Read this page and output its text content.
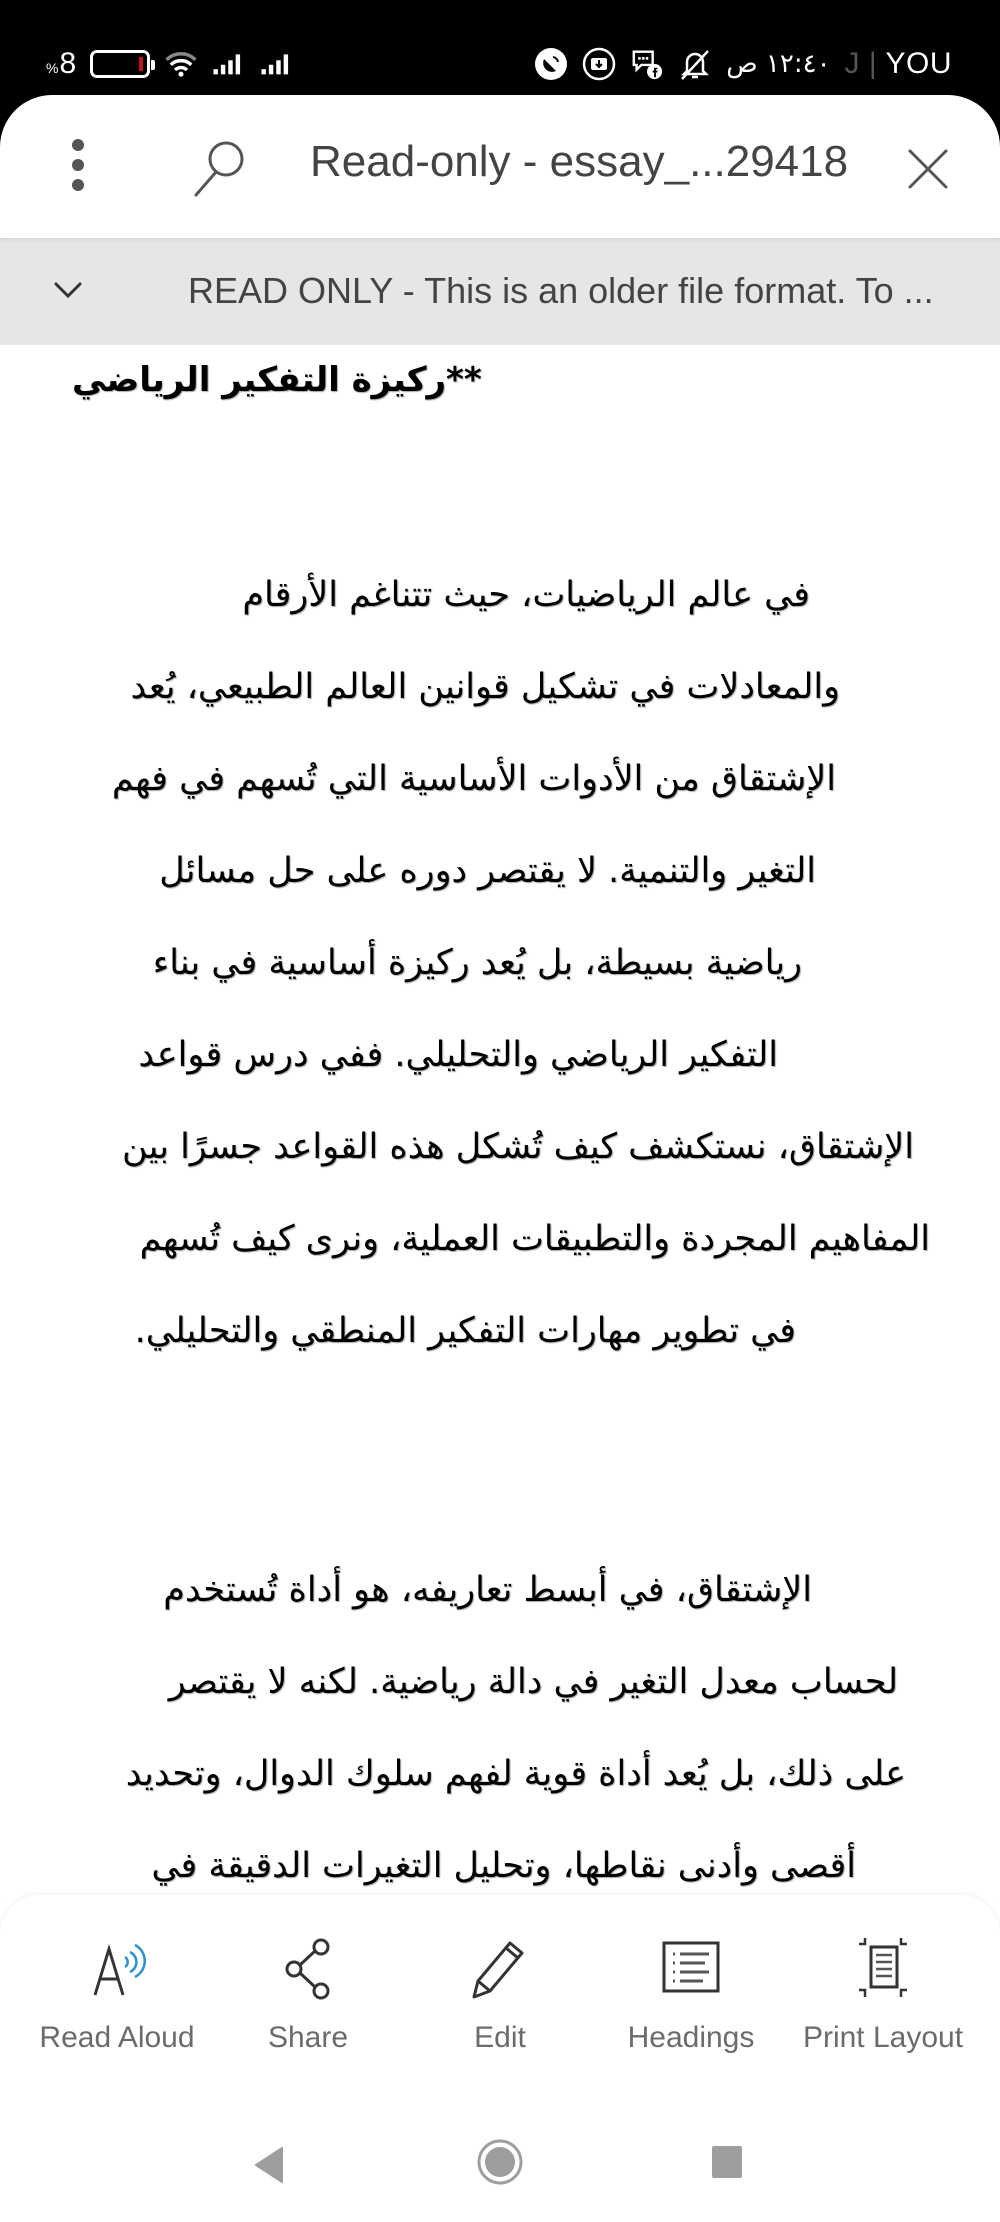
% 8	١٢:٤٠ ص J | YOU
Read-only - essay_...29418
READ ONLY - This is an older file format. To ...
**ركيزة التفكير الرياضي
في عالم الرياضيات، حيث تتناغم الأرقام
والمعادلات في تشكيل قوانين العالم الطبيعي، يُعد
الإشتقاق من الأدوات الأساسية التي تُسهم في فهم
التغير والتنمية. لا يقتصر دوره على حل مسائل
رياضية بسيطة، بل يُعد ركيزة أساسية في بناء
التفكير الرياضي والتحليلي. ففي درس قواعد
الإشتقاق، نستكشف كيف تُشكل هذه القواعد جسرًا بين
المفاهيم المجردة والتطبيقات العملية، ونرى كيف تُسهم
في تطوير مهارات التفكير المنطقي والتحليلي.
الإشتقاق، في أبسط تعاريفه، هو أداة تُستخدم
لحساب معدل التغير في دالة رياضية. لكنه لا يقتصر
على ذلك، بل يُعد أداة قوية لفهم سلوك الدوال، وتحديد
أقصى وأدنى نقاطها، وتحليل التغيرات الدقيقة في
Read Aloud	Share	Edit	Headings	Print Layout
